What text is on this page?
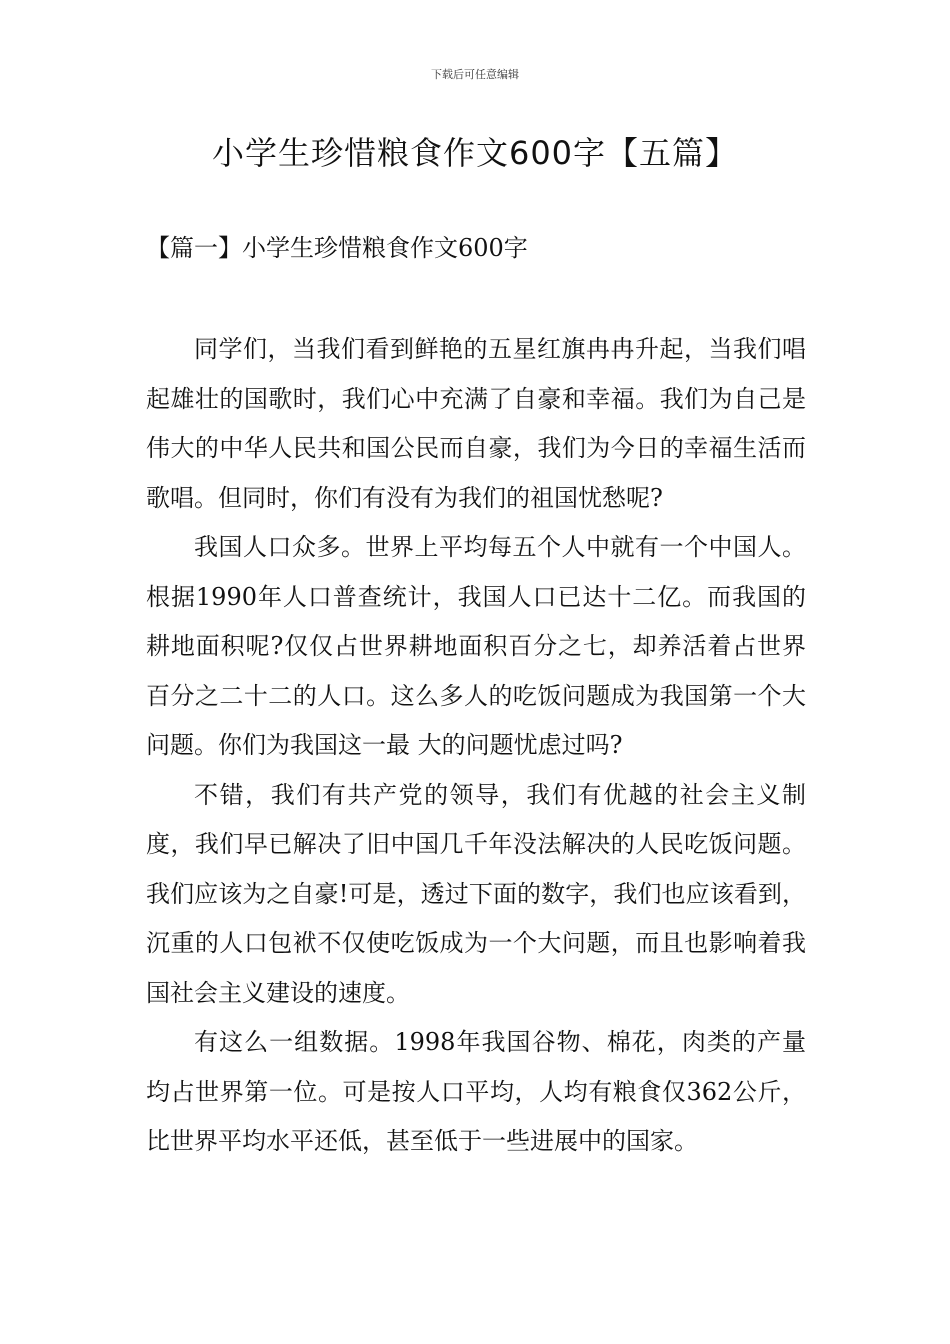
下载后可任意编辑
小学生珍惜粮食作文600字【五篇】
【篇一】小学生珍惜粮食作文600字

同学们，当我们看到鲜艳的五星红旗冉冉升起，当我们唱起雄壮的国歌时，我们心中充满了自豪和幸福。我们为自己是伟大的中华人民共和国公民而自豪，我们为今日的幸福生活而歌唱。但同时，你们有没有为我们的祖国忧愁呢?

我国人口众多。世界上平均每五个人中就有一个中国人。根据1990年人口普查统计，我国人口已达十二亿。而我国的耕地面积呢?仅仅占世界耕地面积百分之七，却养活着占世界百分之二十二的人口。这么多人的吃饭问题成为我国第一个大问题。你们为我国这一最 大的问题忧虑过吗?

不错，我们有共产党的领导，我们有优越的社会主义制度，我们早已解决了旧中国几千年没法解决的人民吃饭问题。我们应该为之自豪!可是，透过下面的数字，我们也应该看到，沉重的人口包袱不仅使吃饭成为一个大问题，而且也影响着我国社会主义建设的速度。

有这么一组数据。1998年我国谷物、棉花，肉类的产量均占世界第一位。可是按人口平均，人均有粮食仅362公斤，比世界平均水平还低，甚至低于一些进展中的国家。
